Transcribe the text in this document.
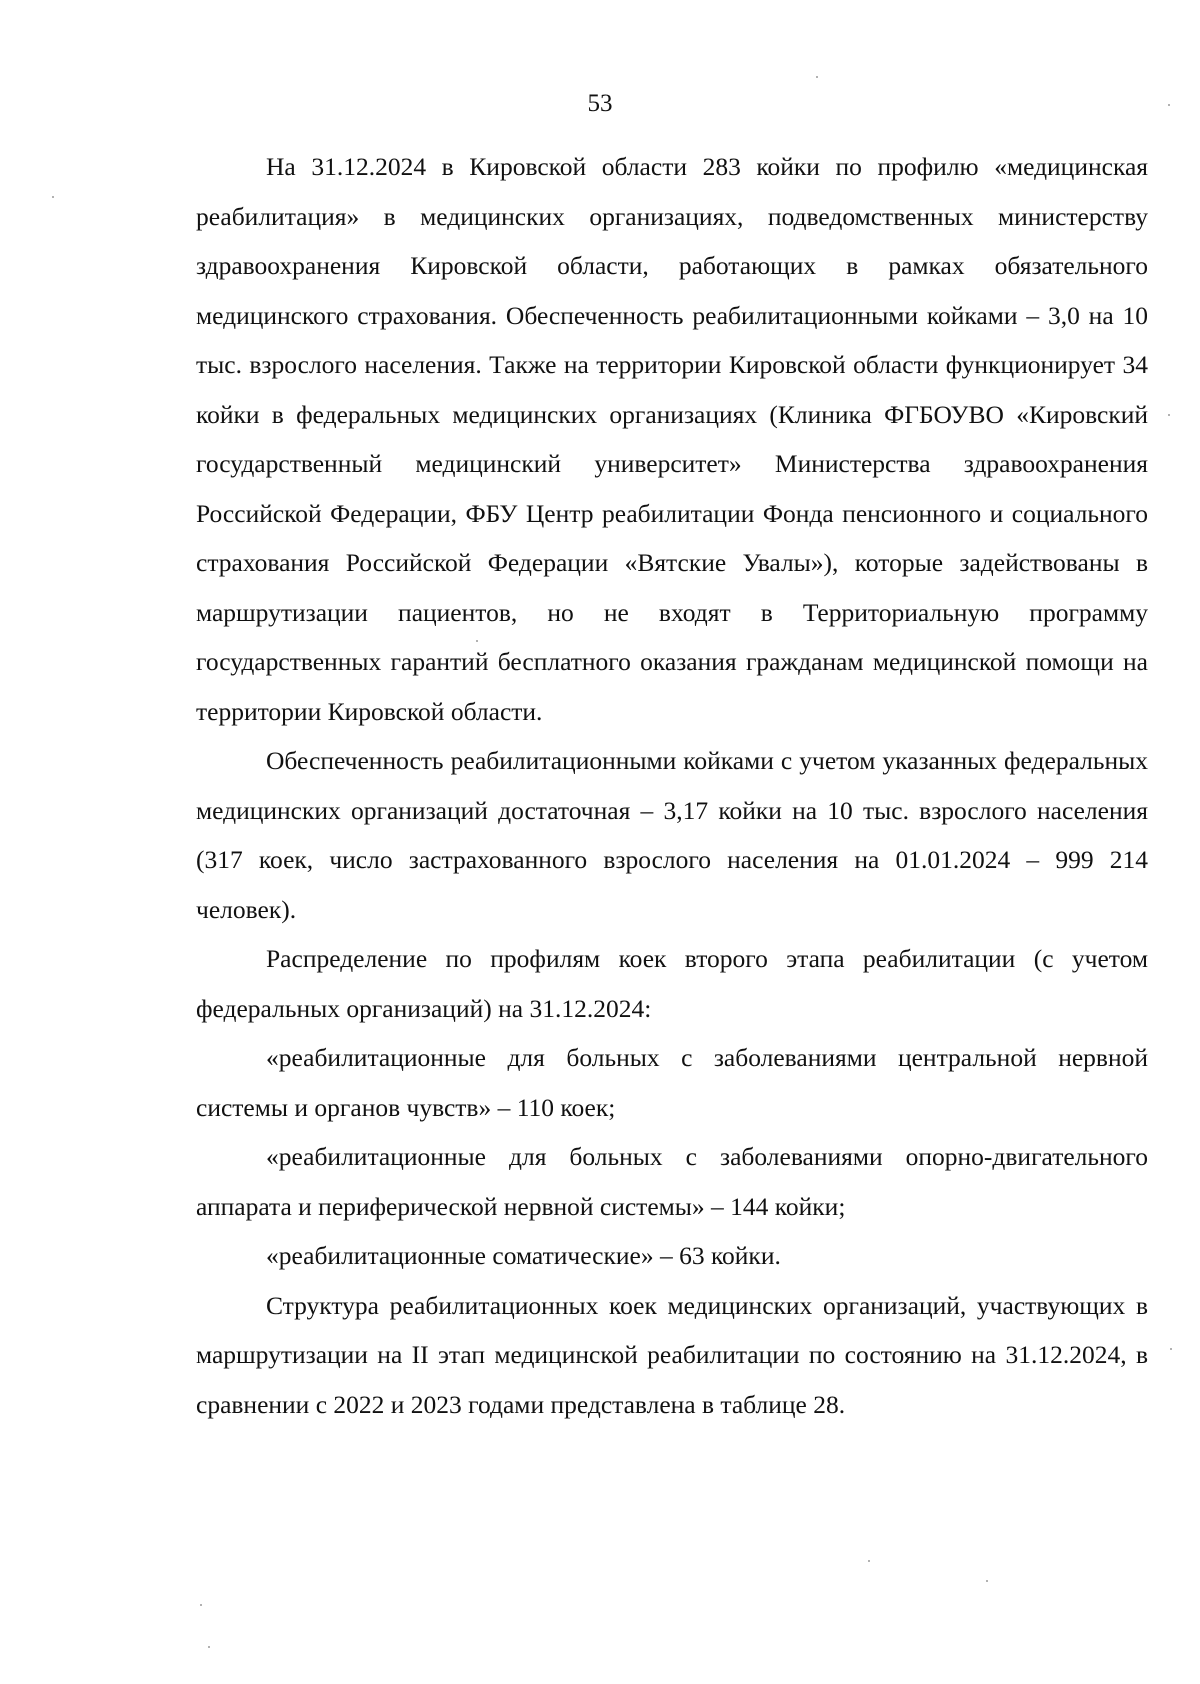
53

На 31.12.2024 в Кировской области 283 койки по профилю «медицинская реабилитация» в медицинских организациях, подведомственных министерству здравоохранения Кировской области, работающих в рамках обязательного медицинского страхования. Обеспеченность реабилитационными койками – 3,0 на 10 тыс. взрослого населения. Также на территории Кировской области функционирует 34 койки в федеральных медицинских организациях (Клиника ФГБОУВО «Кировский государственный медицинский университет» Министерства здравоохранения Российской Федерации, ФБУ Центр реабилитации Фонда пенсионного и социального страхования Российской Федерации «Вятские Увалы»), которые задействованы в маршрутизации пациентов, но не входят в Территориальную программу государственных гарантий бесплатного оказания гражданам медицинской помощи на территории Кировской области.

Обеспеченность реабилитационными койками с учетом указанных федеральных медицинских организаций достаточная – 3,17 койки на 10 тыс. взрослого населения (317 коек, число застрахованного взрослого населения на 01.01.2024 – 999 214 человек).

Распределение по профилям коек второго этапа реабилитации (с учетом федеральных организаций) на 31.12.2024:

«реабилитационные для больных с заболеваниями центральной нервной системы и органов чувств» – 110 коек;

«реабилитационные для больных с заболеваниями опорно-двигательного аппарата и периферической нервной системы» – 144 койки;

«реабилитационные соматические» – 63 койки.

Структура реабилитационных коек медицинских организаций, участвующих в маршрутизации на II этап медицинской реабилитации по состоянию на 31.12.2024, в сравнении с 2022 и 2023 годами представлена в таблице 28.
